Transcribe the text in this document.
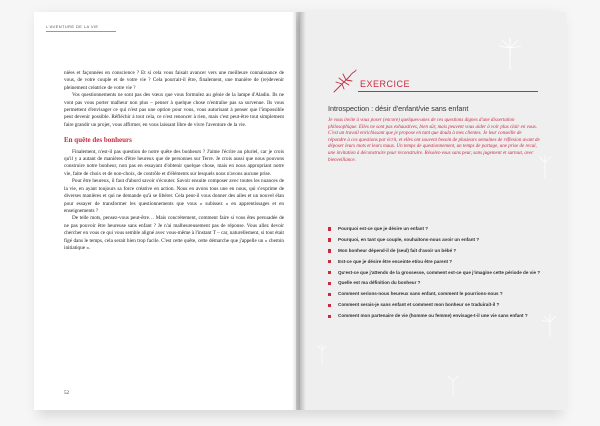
L'AVENTURE DE LA VIE

niées et façonnées en conscience ? Et si cela vous faisait avancer vers une meilleure connaissance de vous, de votre couple et de votre vie ? Cela pourrait-il être, finalement, une manière de (re)devenir pleinement créatrice de votre vie ?

Vos questionnements ne sont pas des vœux que vous formulez au génie de la lampe d'Aladin. Ils ne vont pas vous porter malheur non plus – penser à quelque chose n'entraîne pas sa survenue. Ils vous permettent d'envisager ce qui n'est pas une option pour vous, vous autorisant à penser que l'impossible peut devenir possible. Réfléchir à tout cela, ce n'est renoncer à rien, mais c'est peut-être tout simplement faire grandir un projet, vous affirmer, en vous laissant libre de vivre l'aventure de la vie.

En quête des bonheurs

Finalement, n'est-il pas question de notre quête des bonheurs ? J'aime l'écrire au pluriel, car je crois qu'il y a autant de manières d'être heureux que de personnes sur Terre. Je crois aussi que nous pouvons construire notre bonheur, non pas en essayant d'obtenir quelque chose, mais en nous appropriant notre vie, faite de choix et de non-choix, de contrôle et d'éléments sur lesquels nous n'avons aucune prise.

Pour être heureux, il faut d'abord savoir s'écouter. Savoir ensuite composer avec toutes les nuances de la vie, en ayant toujours sa force créative en action. Nous en avons tous une en nous, qui s'exprime de diverses manières et qui ne demande qu'à se libérer. Cela peut-il vous donner des ailes et un nouvel élan pour essayer de transformer les questionnements que vous « subissez » en apprentissages et en enseignements ?

De telle mots, pensez-vous peut-être… Mais concrètement, comment faire si vous êtes persuadée de ne pas pouvoir être heureuse sans enfant ? Je n'ai malheureusement pas de réponse. Vous allez devoir chercher en vous ce qui vous semble aligné avec vous-même à l'instant T – car, naturellement, si tout était figé dans le temps, cela serait bien trop facile. C'est cette quête, cette démarche que j'appelle un « chemin initiatique ».

52
EXERCICE
Introspection : désir d'enfant/vie sans enfant

Je vous invite à vous poser (encore) quelques-unes de ces questions dignes d'une dissertation philosophique. Elles ne sont pas exhaustives, bien sûr, mais peuvent vous aider à voir plus clair en vous.

C'est un travail enrichissant que je propose en tant que doula à mes clientes. Je leur conseille de répondre à ces questions par écrit, et elles ont souvent besoin de plusieurs semaines de réflexion avant de déposer leurs mots et leurs maux. Un temps de questionnement, un temps de partage, une prise de recul, une invitation à déconstruire pour reconstruire. Résolez-vous sans peur, sans jugement et surtout, avec bienveillance.

Pourquoi est-ce que je désire un enfant ?
Pourquoi, en tant que couple, souhaitons-nous avoir un enfant ?
Mon bonheur dépend-il de (seul) fait d'avoir un bébé ?
Est-ce que je désire être enceinte et/ou être parent ?
Qu'est-ce que j'attends de la grossesse, comment est-ce que j'imagine cette période de vie ?
Quelle est ma définition du bonheur ?
Comment serions-nous heureux sans enfant, comment le pourrions-nous ?
Comment serais-je sans enfant et comment mon bonheur se traduirait-il ?
Comment mon partenaire de vie (homme ou femme) envisage-t-il une vie sans enfant ?
